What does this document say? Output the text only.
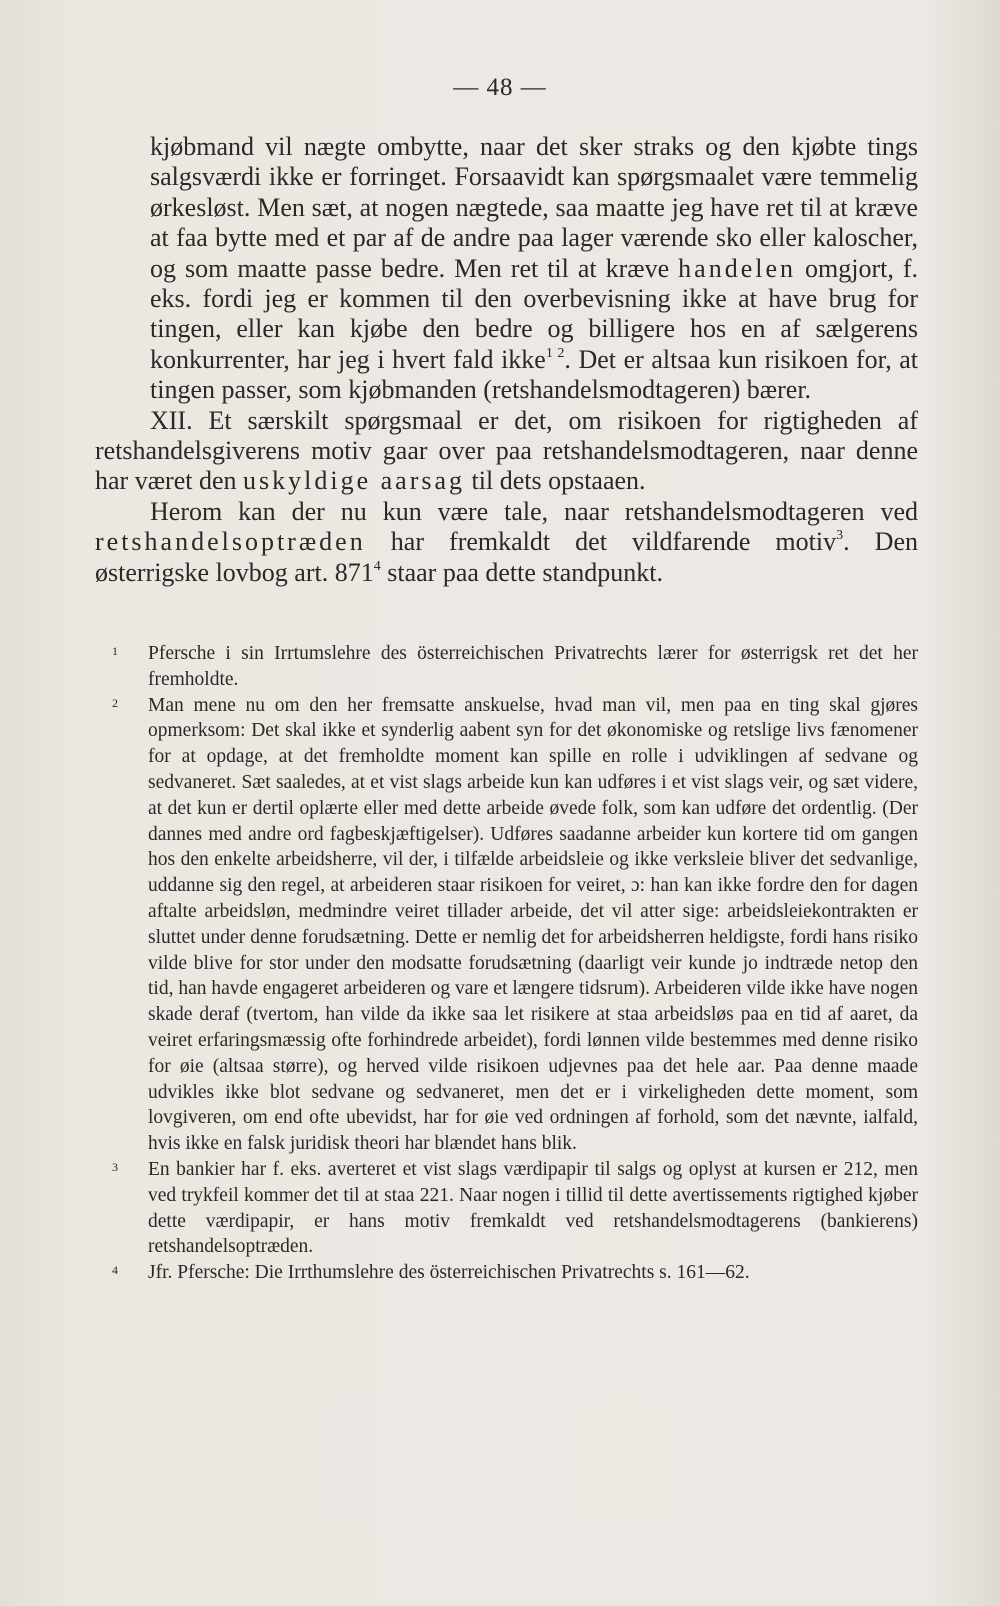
— 48 —

kjøbmand vil nægte ombytte, naar det sker straks og den kjøbte tings salgsværdi ikke er forringet. Forsaavidt kan spørgsmaalet være temmelig ørkesløst. Men sæt, at nogen nægtede, saa maatte jeg have ret til at kræve at faa bytte med et par af de andre paa lager værende sko eller kaloscher, og som maatte passe bedre. Men ret til at kræve handelen omgjort, f. eks. fordi jeg er kommen til den overbevisning ikke at have brug for tingen, eller kan kjøbe den bedre og billigere hos en af sælgerens konkurrenter, har jeg i hvert fald ikke$^{1 2}$. Det er altsaa kun risikoen for, at tingen passer, som kjøbmanden (retshandelsmodtageren) bærer.

XII. Et særskilt spørgsmaal er det, om risikoen for rigtigheden af retshandelsgiverens motiv gaar over paa retshandelsmodtageren, naar denne har været den uskyldige aarsag til dets opstaaen.

Herom kan der nu kun være tale, naar retshandelsmodtageren ved retshandelsoptræden har fremkaldt det vildfarende motiv$^3$. Den østerrigske lovbog art. $871^4$ staar paa dette standpunkt.

1 Pfersche i sin Irrtumslehre des österreichischen Privatrechts lærer for østerrigsk ret det her fremholdte.
2 Man mene nu om den her fremsatte anskuelse, hvad man vil, men paa en ting skal gjøres opmerksom: Det skal ikke et synderlig aabent syn for det økonomiske og retslige livs fænomener for at opdage, at det fremholdte moment kan spille en rolle i udviklingen af sedvane og sedvaneret. Sæt saaledes, at et vist slags arbeide kun kan udføres i et vist slags veir, og sæt videre, at det kun er dertil oplærte eller med dette arbeide øvede folk, som kan udføre det ordentlig. (Der dannes med andre ord fagbeskjæftigelser). Udføres saadanne arbeider kun kortere tid om gangen hos den enkelte arbeidsherre, vil der, i tilfælde arbeidsleie og ikke verksleie bliver det sedvanlige, uddanne sig den regel, at arbeideren staar risikoen for veiret, ɔ: han kan ikke fordre den for dagen aftalte arbeidsløn, medmindre veiret tillader arbeide, det vil atter sige: arbeidsleiekontrakten er sluttet under denne forudsætning. Dette er nemlig det for arbeidsherren heldigste, fordi hans risiko vilde blive for stor under den modsatte forudsætning (daarligt veir kunde jo indtræde netop den tid, han havde engageret arbeideren og vare et længere tidsrum). Arbeideren vilde ikke have nogen skade deraf (tvertom, han vilde da ikke saa let risikere at staa arbeidsløs paa en tid af aaret, da veiret erfaringsmæssig ofte forhindrede arbeidet), fordi lønnen vilde bestemmes med denne risiko for øie (altsaa større), og herved vilde risikoen udjevnes paa det hele aar. Paa denne maade udvikles ikke blot sedvane og sedvaneret, men det er i virkeligheden dette moment, som lovgiveren, om end ofte ubevidst, har for øie ved ordningen af forhold, som det nævnte, ialfald, hvis ikke en falsk juridisk theori har blændet hans blik.
3 En bankier har f. eks. averteret et vist slags værdipapir til salgs og oplyst at kursen er 212, men ved trykfeil kommer det til at staa 221. Naar nogen i tillid til dette avertissements rigtighed kjøber dette værdipapir, er hans motiv fremkaldt ved retshandelsmodtagerens (bankierens) retshandelsoptræden.
4 Jfr. Pfersche: Die Irrthumslehre des österreichischen Privatrechts s. 161—62.
